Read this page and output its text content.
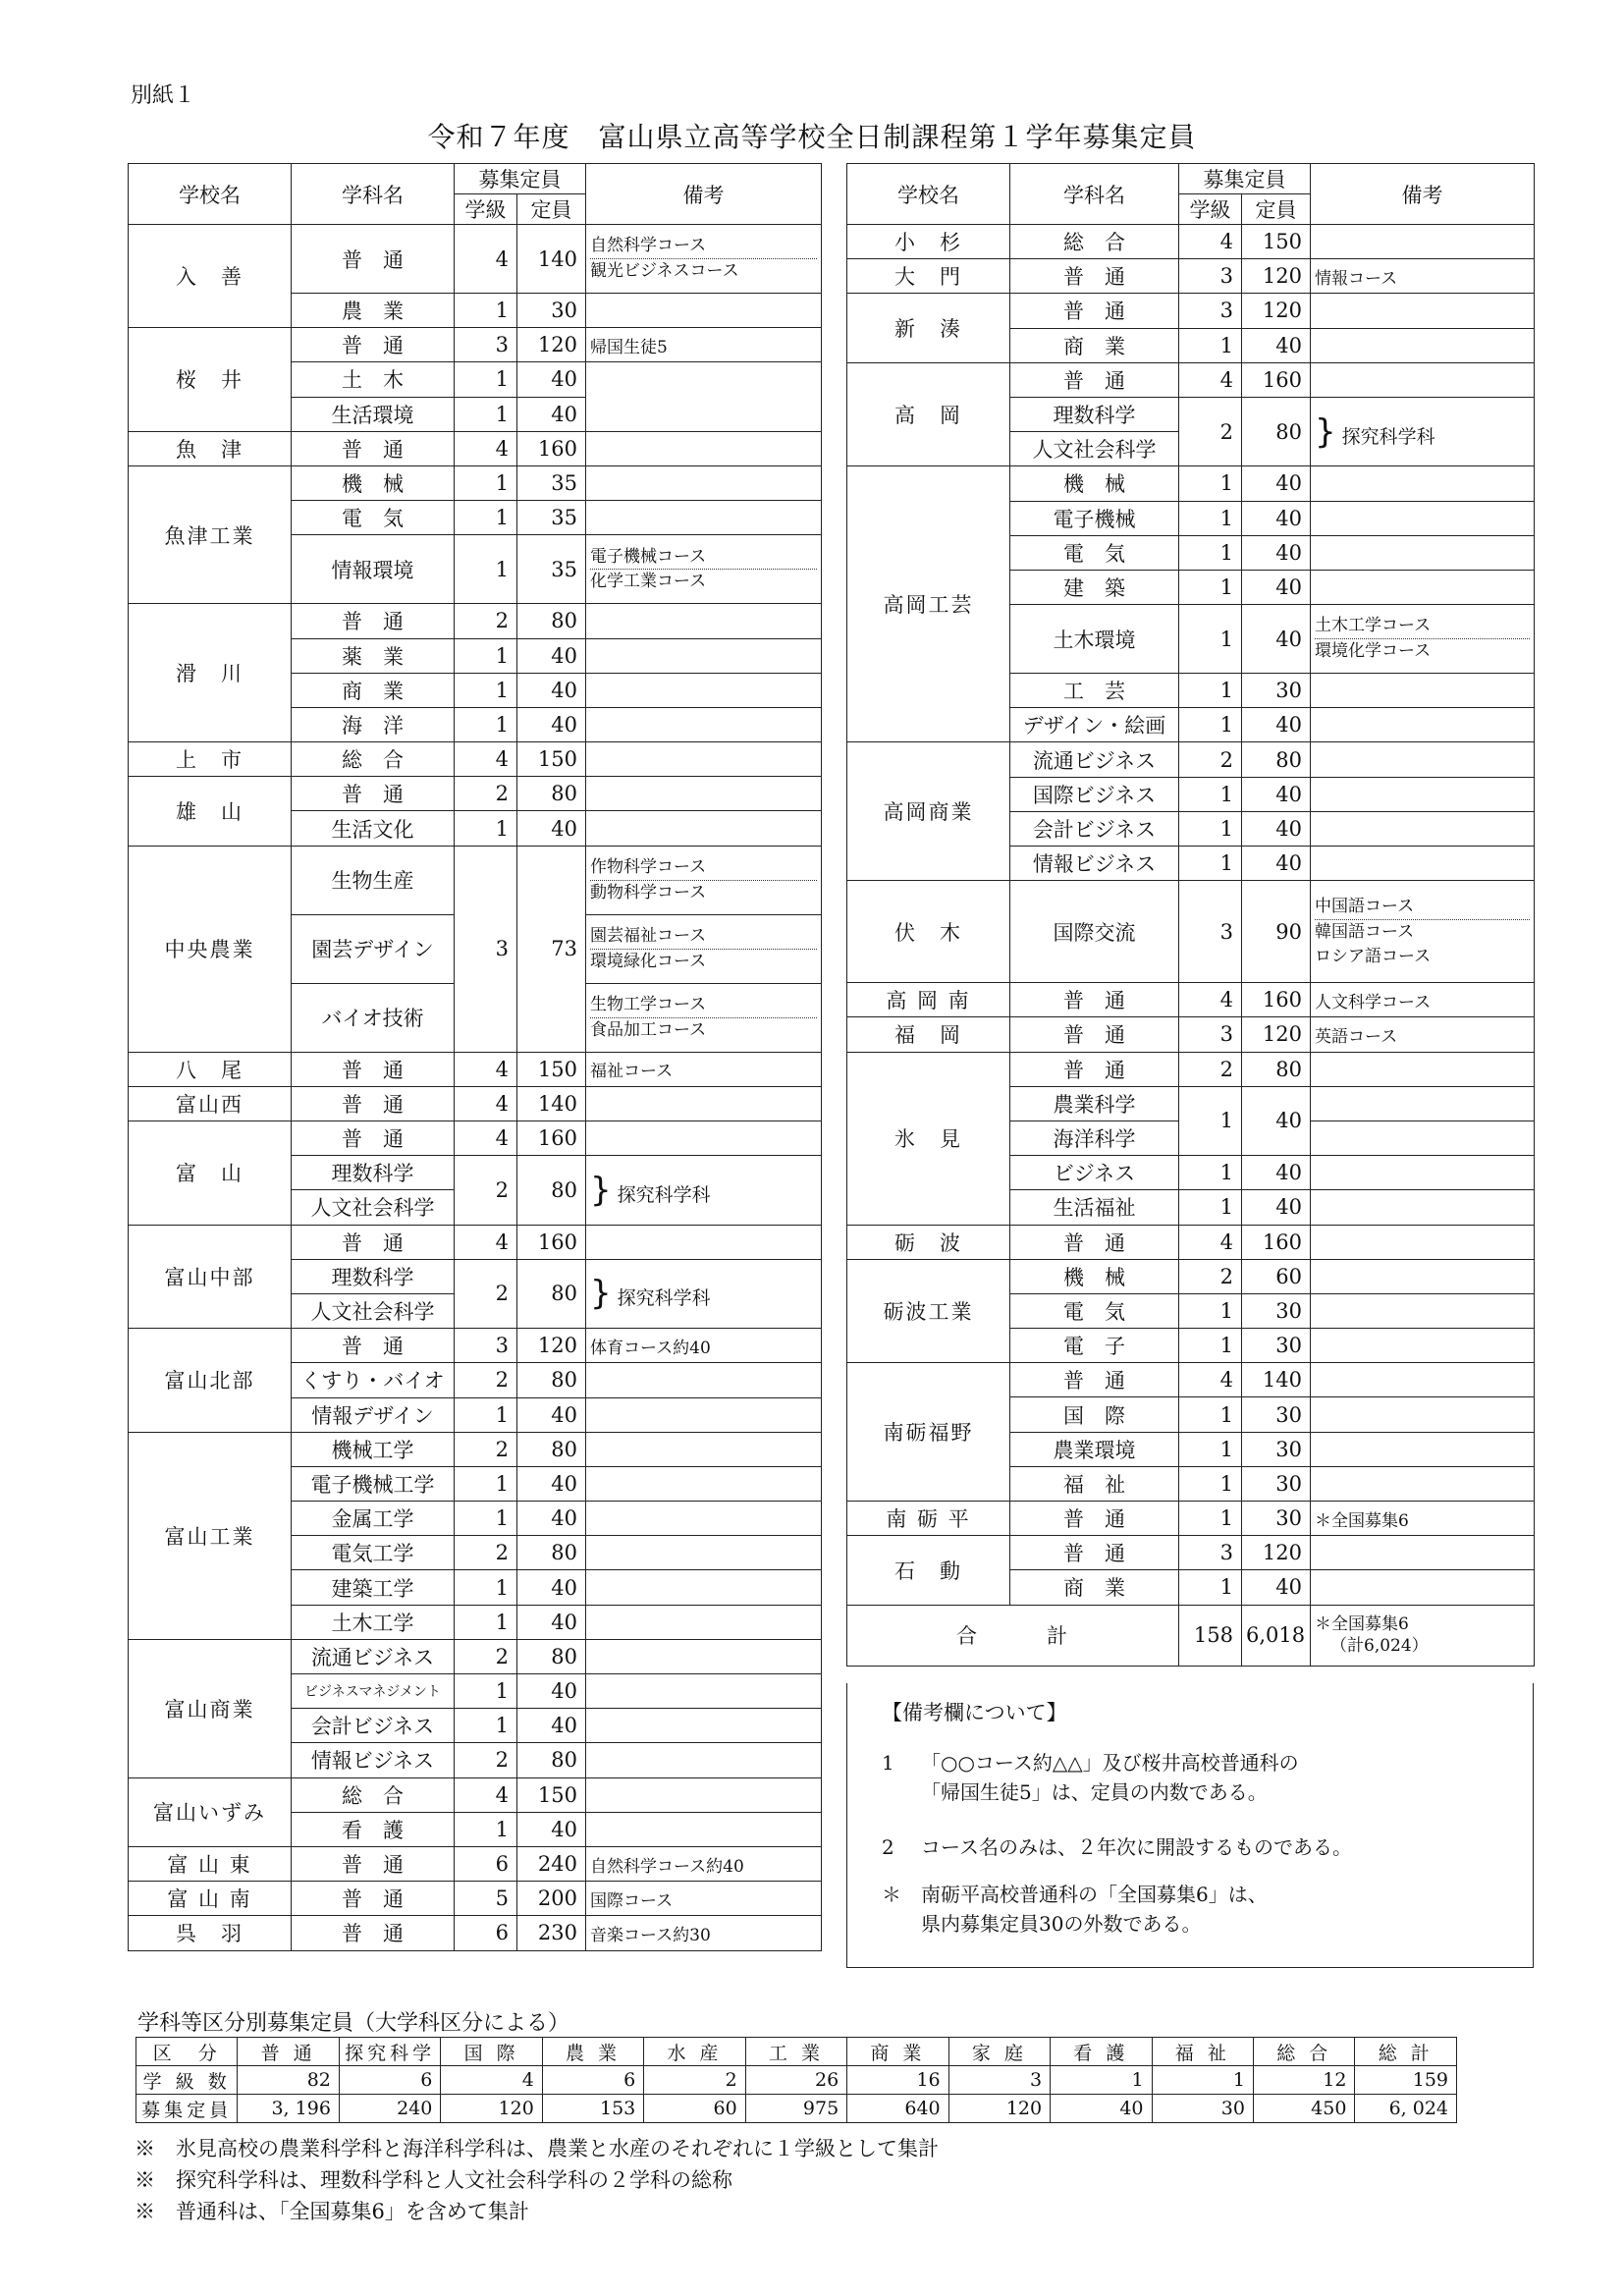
別紙１
令和７年度　富山県立高等学校全日制課程第１学年募集定員
学校名	学科名	募集定員		備考
		学級	定員	
入　善	普　通	4	140	自然科学コース
観光ビジネスコース

	農　業	1	30	
桜　井	普　通	3	120	帰国生徒5
	土　木	1	40	
	生活環境	1	40	
魚　津	普　通	4	160	
魚津工業	機　械	1	35	
	電　気	1	35	
	情報環境	1	35	電子機械コース
化学工業コース

滑　川	普　通	2	80	
	薬　業	1	40	
	商　業	1	40	
	海　洋	1	40	
上　市	総　合	4	150	
雄　山	普　通	2	80	
	生活文化	1	40	
中央農業	生物生産	3	73	作物科学コース
動物科学コース

	園芸デザイン			園芸福祉コース
環境緑化コース

	バイオ技術			生物工学コース
食品加工コース

八　尾	普　通	4	150	福祉コース
富山西	普　通	4	140	
富　山	普　通	4	160	
	理数科学	2	80	} 探究科学科
	人文社会科学			
富山中部	普　通	4	160	
	理数科学	2	80	} 探究科学科
	人文社会科学			
富山北部	普　通	3	120	体育コース約40
	くすり・バイオ	2	80	
	情報デザイン	1	40	
富山工業	機械工学	2	80	
	電子機械工学	1	40	
	金属工学	1	40	
	電気工学	2	80	
	建築工学	1	40	
	土木工学	1	40	
富山商業	流通ビジネス	2	80	
	ビジネスマネジメント	1	40	
	会計ビジネス	1	40	
	情報ビジネス	2	80	
富山いずみ	総　合	4	150	
	看　護	1	40	
富 山 東	普　通	6	240	自然科学コース約40
富 山 南	普　通	5	200	国際コース
呉　羽	普　通	6	230	音楽コース約30
学校名	学科名	募集定員		備考
		学級	定員	
小　杉	総　合	4	150	
大　門	普　通	3	120	情報コース
新　湊	普　通	3	120	
	商　業	1	40	
高　岡	普　通	4	160	
	理数科学	2	80	} 探究科学科
	人文社会科学			
高岡工芸	機　械	1	40	
	電子機械	1	40	
	電　気	1	40	
	建　築	1	40	
	土木環境	1	40	土木工学コース
環境化学コース

	工　芸	1	30	
	デザイン・絵画	1	40	
高岡商業	流通ビジネス	2	80	
	国際ビジネス	1	40	
	会計ビジネス	1	40	
	情報ビジネス	1	40	
伏　木	国際交流	3	90	中国語コース
韓国語コース
ロシア語コース

高 岡 南	普　通	4	160	人文科学コース
福　岡	普　通	3	120	英語コース
氷　見	普　通	2	80	
	農業科学	1	40	
	海洋科学			
	ビジネス	1	40	
	生活福祉	1	40	
砺　波	普　通	4	160	
砺波工業	機　械	2	60	
	電　気	1	30	
	電　子	1	30	
南砺福野	普　通	4	140	
	国　際	1	30	
	農業環境	1	30	
	福　祉	1	30	
南 砺 平	普　通	1	30	＊全国募集6
石　動	普　通	3	120	
	商　業	1	40	
合　　　計		158	6,018	＊全国募集6
（計6,024）
【備考欄について】
1 「○○コース約△△」及び桜井高校普通科の
「帰国生徒5」は、定員の内数である。
2 コース名のみは、２年次に開設するものである。
＊ 南砺平高校普通科の「全国募集6」は、
県内募集定員30の外数である。
学科等区分別募集定員（大学科区分による）
区　分	普 通	探究科学	国 際	農 業	水 産	工 業	商 業	家 庭	看 護	福 祉	総 合	総 計
学 級 数	82	6	4	6	2	26	16	3	1	1	12	159
募集定員	3, 196	240	120	153	60	975	640	120	40	30	450	6, 024
※　氷見高校の農業科学科と海洋科学科は、農業と水産のそれぞれに１学級として集計
※　探究科学科は、理数科学科と人文社会科学科の２学科の総称
※　普通科は、「全国募集6」を含めて集計
